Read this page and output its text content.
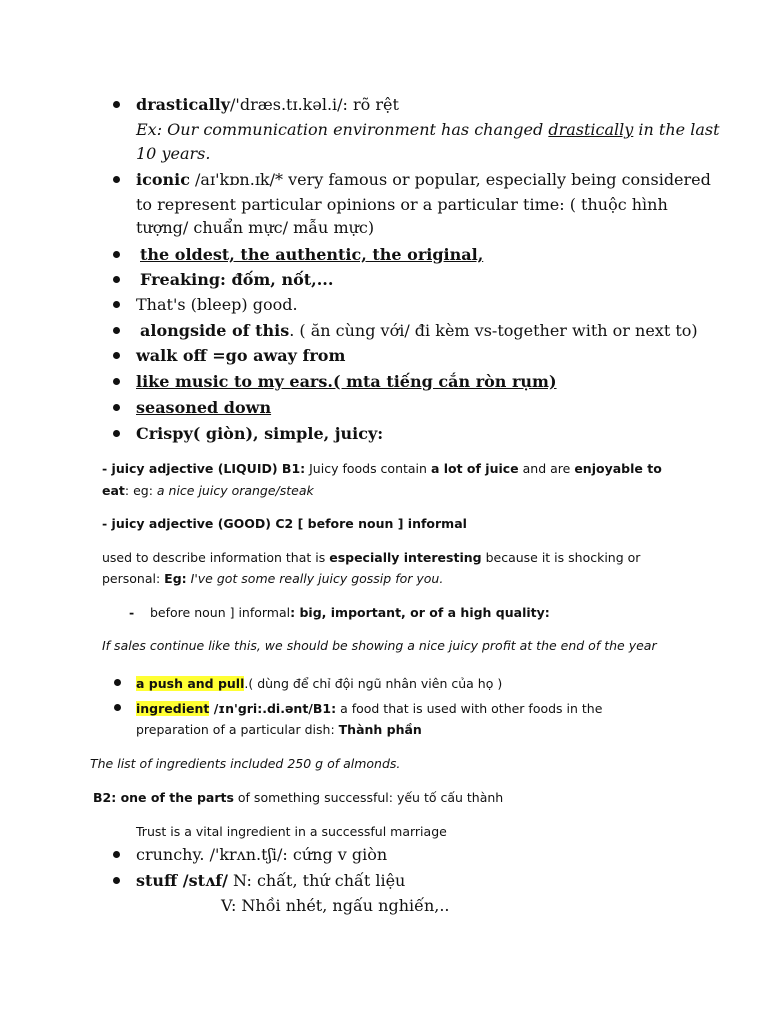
drastically/'dræs.tɪ.kəl.i/: rõ rệt
Ex: Our communication environment has changed drastically in the last
10 years.
iconic /aɪ'kɒn.ɪk/* very famous or popular, especially being considered
to represent particular opinions or a particular time: ( thuộc hình
tượng/ chuẩn mực/ mẫu mực)
the oldest, the authentic, the original,
Freaking: đốm, nốt,...
That's (bleep) good.
alongside of this. ( ăn cùng với/ đi kèm vs-together with or next to)
walk off =go away from
like music to my ears.( mta tiếng cắn ròn rụm)
seasoned down
Crispy( giòn), simple, juicy:
- juicy adjective (LIQUID) B1: Juicy foods contain a lot of juice and are enjoyable to
eat: eg: a nice juicy orange/steak
- juicy adjective (GOOD) C2 [ before noun ] informal
used to describe information that is especially interesting because it is shocking or
personal: Eg: I've got some really juicy gossip for you.
- before noun ] informal: big, important, or of a high quality:
If sales continue like this, we should be showing a nice juicy profit at the end of the year
a push and pull.( dùng để chỉ đội ngũ nhân viên của họ )
ingredient /ɪn'gri:.di.ənt/B1: a food that is used with other foods in the
preparation of a particular dish: Thành phần
The list of ingredients included 250 g of almonds.
B2: one of the parts of something successful: yếu tố cấu thành
Trust is a vital ingredient in a successful marriage
crunchy. /'krʌn.tʃi/: cứng v giòn
stuff /stʌf/ N: chất, thứ chất liệu
V: Nhồi nhét, ngấu nghiến,..
